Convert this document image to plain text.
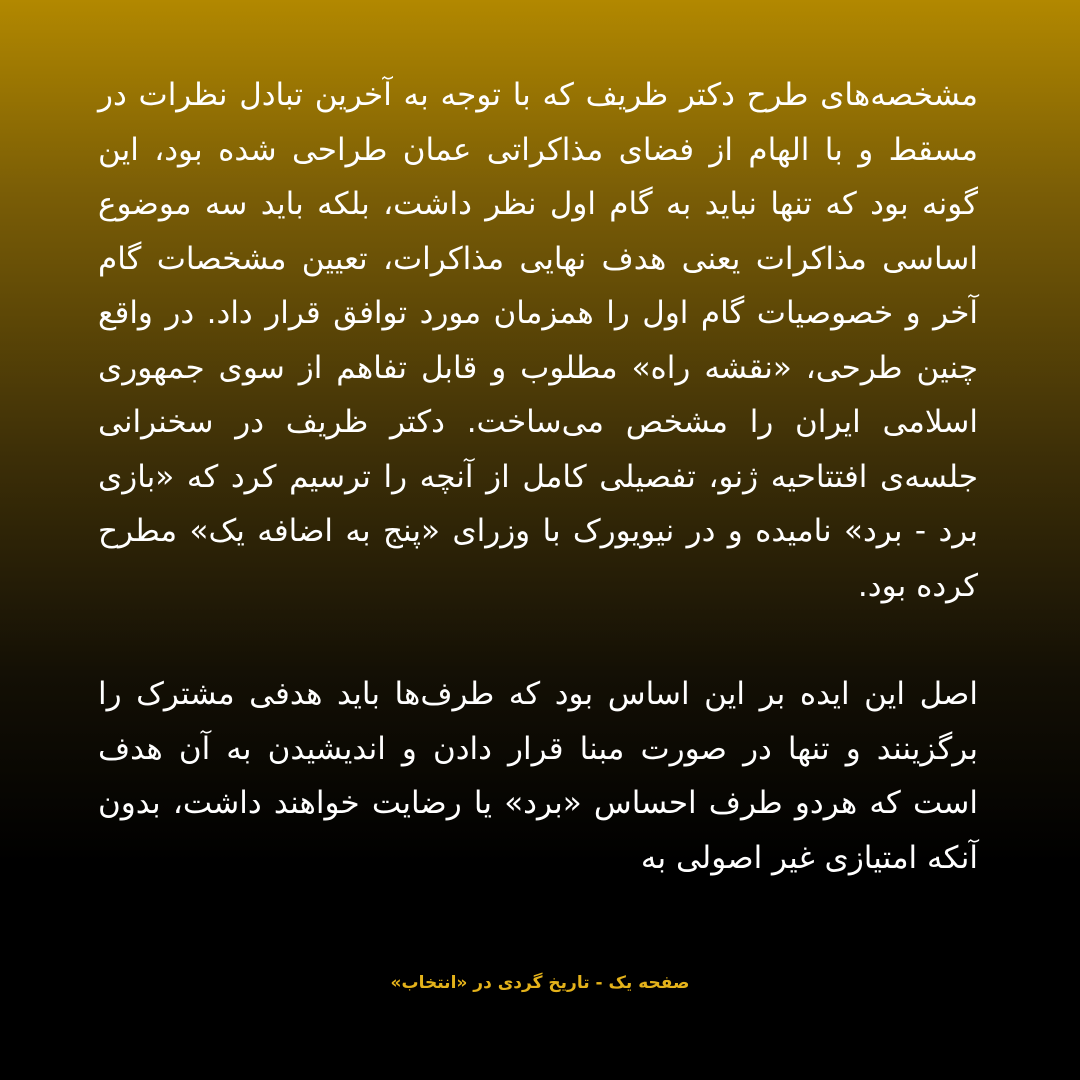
مشخصه‌های طرح دکتر ظریف که با توجه به آخرین تبادل نظرات در مسقط و با الهام از فضای مذاکراتی عمان طراحی شده بود، این گونه بود که تنها نباید به گام اول نظر داشت، بلکه باید سه موضوع اساسی مذاکرات یعنی هدف نهایی مذاکرات، تعیین مشخصات گام آخر و خصوصیات گام اول را همزمان مورد توافق قرار داد. در واقع چنین طرحی، «نقشه راه» مطلوب و قابل تفاهم از سوی جمهوری اسلامی ایران را مشخص می‌ساخت. دکتر ظریف در سخنرانی جلسه‌ی افتتاحیه ژنو، تفصیلی کامل از آنچه را ترسیم کرد که «بازی برد - برد» نامیده و در نیویورک با وزرای «پنج به اضافه یک» مطرح کرده بود.

اصل این ایده بر این اساس بود که طرف‌ها باید هدفی مشترک را برگزینند و تنها در صورت مبنا قرار دادن و اندیشیدن به آن هدف است که هردو طرف احساس «برد» یا رضایت خواهند داشت، بدون آنکه امتیازی غیر اصولی به

صفحه یک - تاریخ گردی در «انتخاب»
